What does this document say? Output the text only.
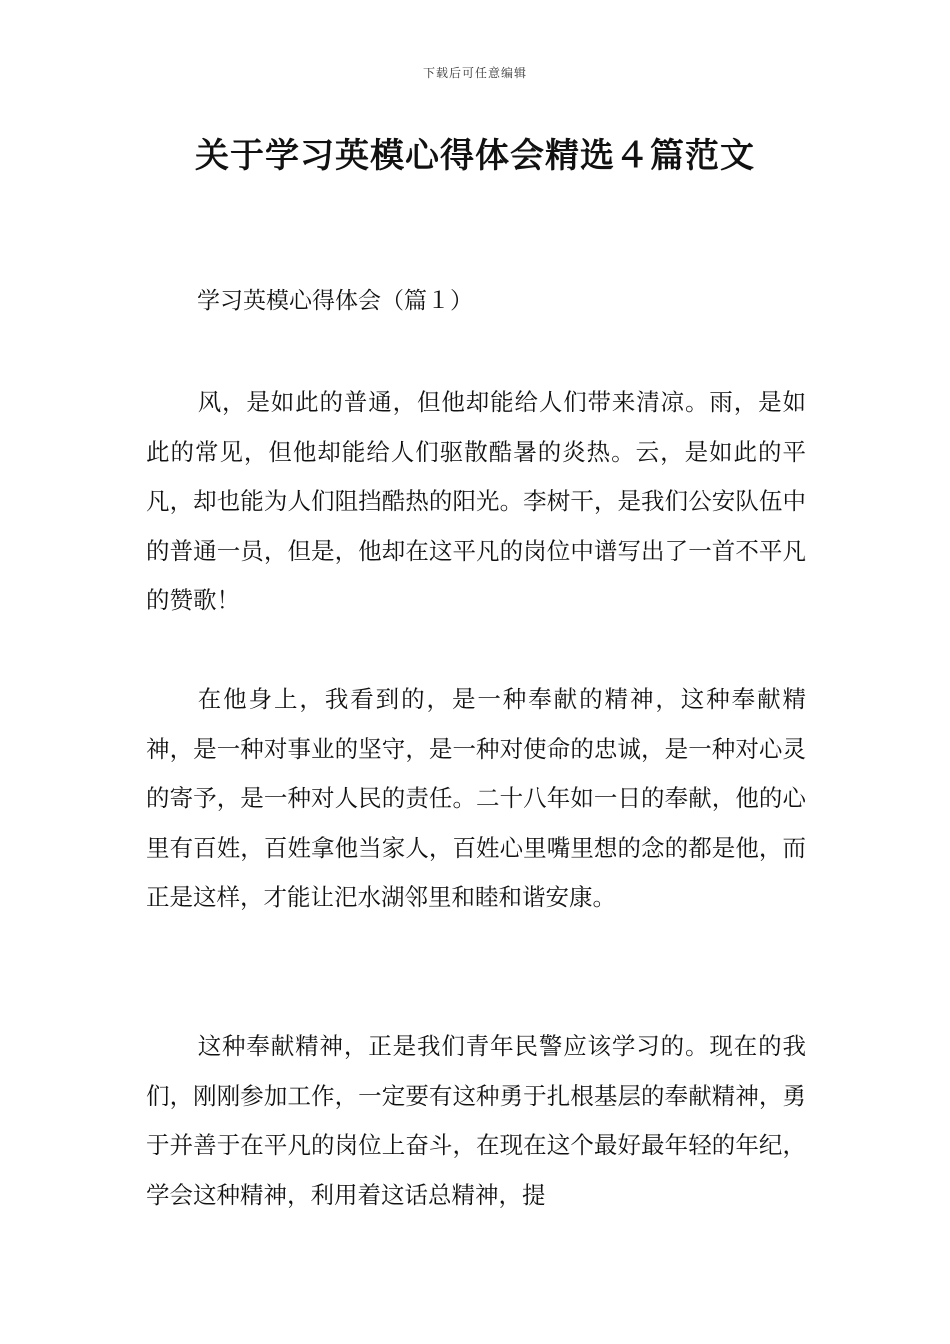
下载后可任意编辑
关于学习英模心得体会精选４篇范文
学习英模心得体会（篇１）

风，是如此的普通，但他却能给人们带来清凉。雨，是如此的常见，但他却能给人们驱散酷暑的炎热。云，是如此的平凡，却也能为人们阻挡酷热的阳光。李树干，是我们公安队伍中的普通一员，但是，他却在这平凡的岗位中谱写出了一首不平凡的赞歌！

在他身上，我看到的，是一种奉献的精神，这种奉献精神，是一种对事业的坚守，是一种对使命的忠诚，是一种对心灵的寄予，是一种对人民的责任。二十八年如一日的奉献，他的心里有百姓，百姓拿他当家人，百姓心里嘴里想的念的都是他，而正是这样，才能让汜水湖邻里和睦和谐安康。

这种奉献精神，正是我们青年民警应该学习的。现在的我们，刚刚参加工作，一定要有这种勇于扎根基层的奉献精神，勇于并善于在平凡的岗位上奋斗，在现在这个最好最年轻的年纪，学会这种精神，利用着这话总精神，提
